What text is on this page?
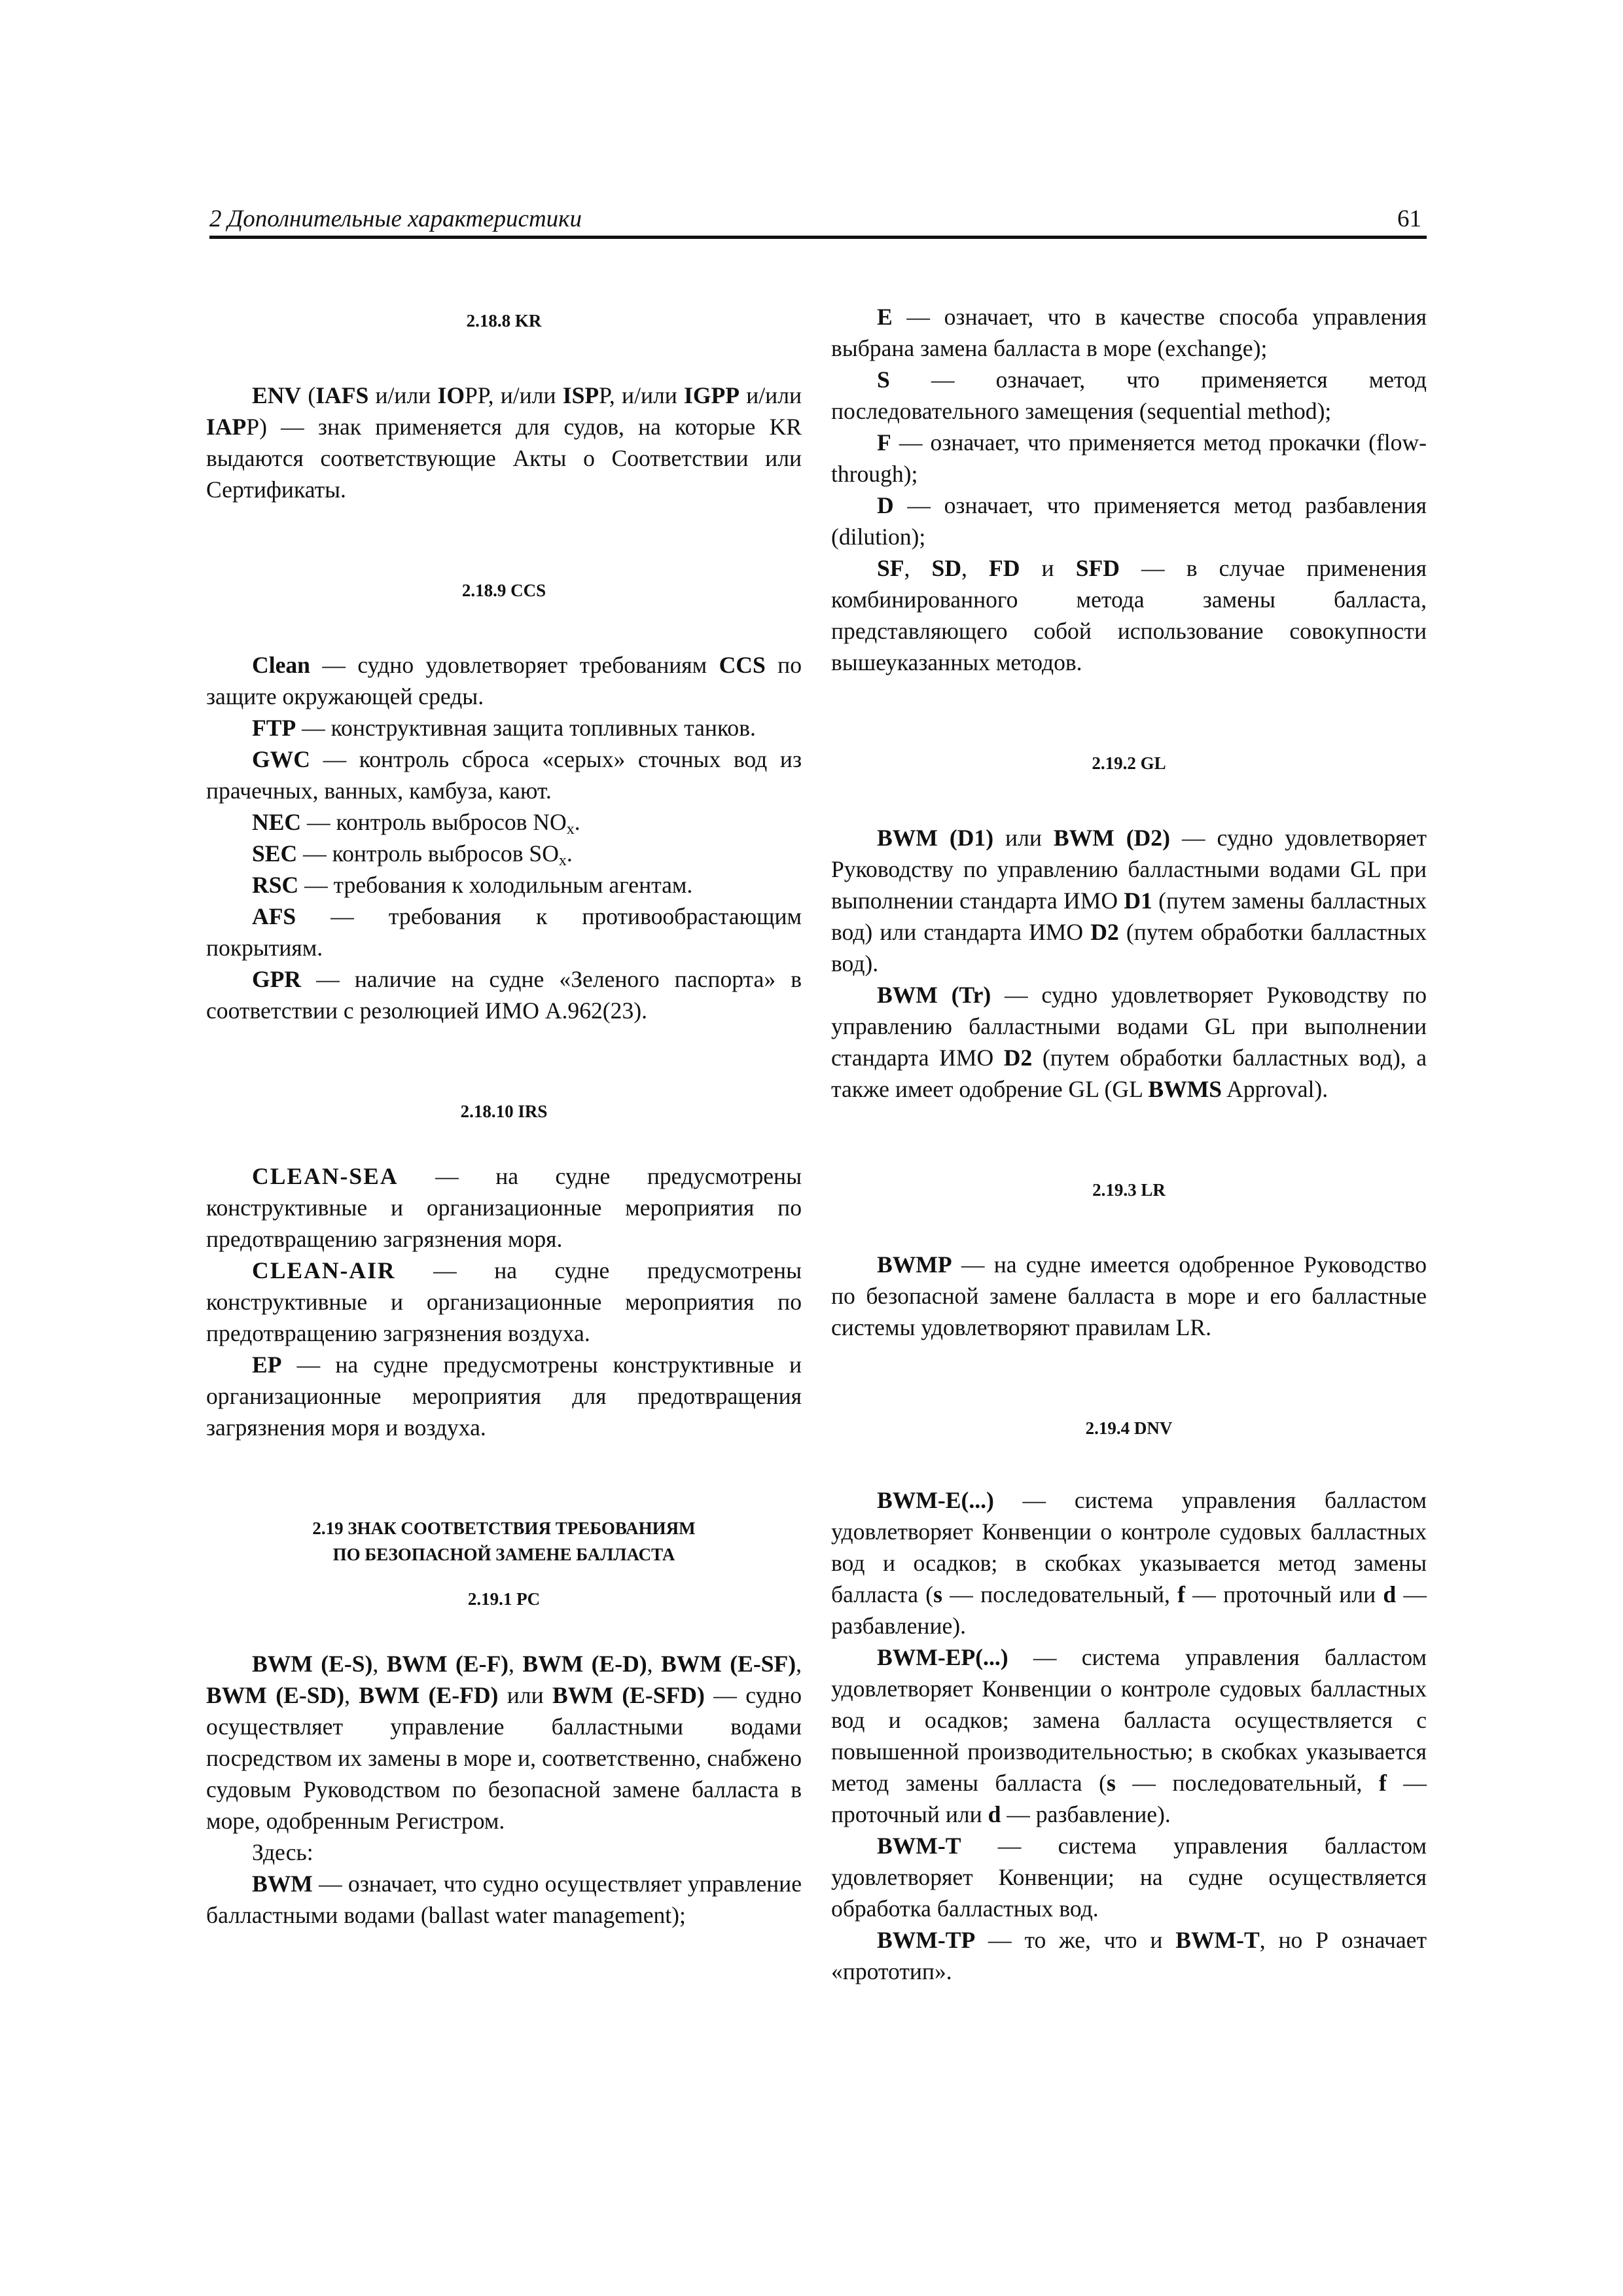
2 Дополнительные характеристики	61
2.18.8 KR

ENV (IAFS и/или IOPP, и/или ISPP, и/или IGPP и/или IAPP) — знак применяется для судов, на которые KR выдаются соответствующие Акты о Соответствии или Сертификаты.

2.18.9 CCS

Clean — судно удовлетворяет требованиям CCS по защите окружающей среды.

FTP — конструктивная защита топливных танков.

GWC — контроль сброса «серых» сточных вод из прачечных, ванных, камбуза, кают.

NEC — контроль выбросов $NO_x$.

SEC — контроль выбросов $SO_x$.

RSC — требования к холодильным агентам.

AFS — требования к противообрастающим покрытиям.

GPR — наличие на судне «Зеленого паспорта» в соответствии с резолюцией ИМО А.962(23).

2.18.10 IRS

CLEAN-SEA — на судне предусмотрены конструктивные и организационные мероприятия по предотвращению загрязнения моря.

CLEAN-AIR — на судне предусмотрены конструктивные и организационные мероприятия по предотвращению загрязнения воздуха.

EP — на судне предусмотрены конструктивные и организационные мероприятия для предотвращения загрязнения моря и воздуха.

2.19 ЗНАК СООТВЕТСТВИЯ ТРЕБОВАНИЯМ
ПО БЕЗОПАСНОЙ ЗАМЕНЕ БАЛЛАСТА
2.19.1 PC

BWM (E-S), BWM (E-F), BWM (E-D), BWM (E-SF), BWM (E-SD), BWM (E-FD) или BWM (E-SFD) — судно осуществляет управление балластными водами посредством их замены в море и, соответственно, снабжено судовым Руководством по безопасной замене балласта в море, одобренным Регистром.

Здесь:

BWM — означает, что судно осуществляет управление балластными водами (ballast water management);

E — означает, что в качестве способа управления выбрана замена балласта в море (exchange);

S — означает, что применяется метод последовательного замещения (sequential method);

F — означает, что применяется метод прокачки (flow-through);

D — означает, что применяется метод разбавления (dilution);

SF, SD, FD и SFD — в случае применения комбинированного метода замены балласта, представляющего собой использование совокупности вышеуказанных методов.

2.19.2 GL

BWM (D1) или BWM (D2) — судно удовлетворяет Руководству по управлению балластными водами GL при выполнении стандарта ИМО D1 (путем замены балластных вод) или стандарта ИМО D2 (путем обработки балластных вод).

BWM (Tr) — судно удовлетворяет Руководству по управлению балластными водами GL при выполнении стандарта ИМО D2 (путем обработки балластных вод), а также имеет одобрение GL (GL BWMS Approval).

2.19.3 LR

BWMP — на судне имеется одобренное Руководство по безопасной замене балласта в море и его балластные системы удовлетворяют правилам LR.

2.19.4 DNV

BWM-E(...) — система управления балластом удовлетворяет Конвенции о контроле судовых балластных вод и осадков; в скобках указывается метод замены балласта (s — последовательный, f — проточный или d — разбавление).

BWM-EP(...) — система управления балластом удовлетворяет Конвенции о контроле судовых балластных вод и осадков; замена балласта осуществляется с повышенной производительностью; в скобках указывается метод замены балласта (s — последовательный, f — проточный или d — разбавление).

BWM-T — система управления балластом удовлетворяет Конвенции; на судне осуществляется обработка балластных вод.

BWM-TP — то же, что и BWM-T, но Р означает «прототип».
